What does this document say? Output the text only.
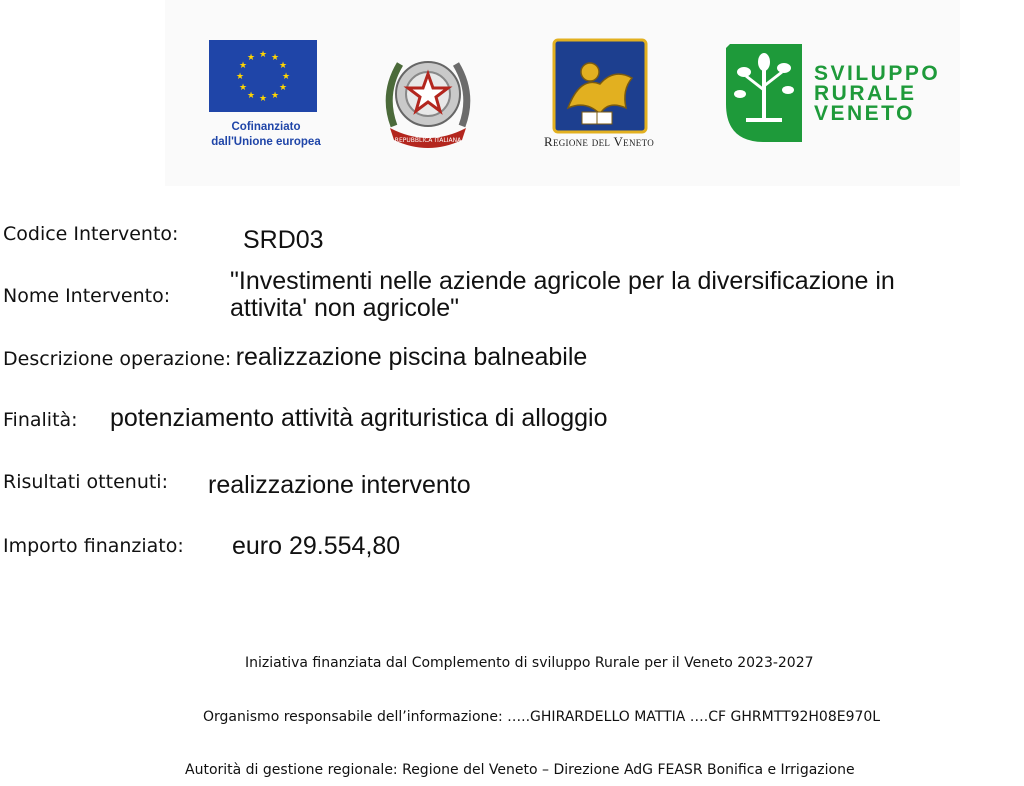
★ ★
★
★
★
★
★
★
★
★
★
★
Cofinanziato
dall'Unione europea	REPUBBLICA ITALIANA	Regione del Veneto
SVILUPPO
RURALE
VENETO
Codice Intervento:	SRD03
Nome Intervento:
"Investimenti nelle aziende agricole per la diversificazione in
attivita' non agricole"
Descrizione operazione: realizzazione piscina balneabile
Finalità: potenziamento attività agrituristica di alloggio
Risultati ottenuti: realizzazione intervento
Importo finanziato: euro 29.554,80
Iniziativa finanziata dal Complemento di sviluppo Rurale per il Veneto 2023-2027
Organismo responsabile dell’informazione: …..GHIRARDELLO MATTIA ….CF GHRMTT92H08E970L
Autorità di gestione regionale: Regione del Veneto – Direzione AdG FEASR Bonifica e Irrigazione
